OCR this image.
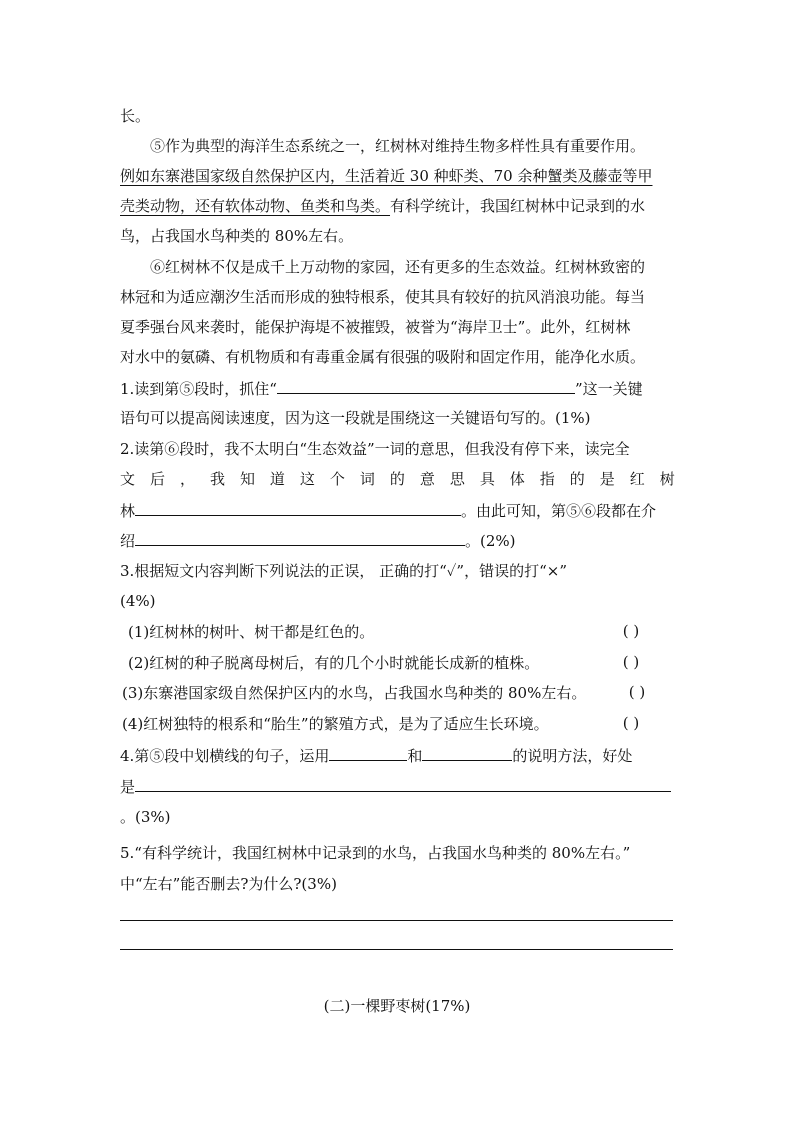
长。
⑤作为典型的海洋生态系统之一，红树林对维持生物多样性具有重要作用。
例如东寨港国家级自然保护区内，生活着近 30 种虾类、70 余种蟹类及藤壶等甲
壳类动物，还有软体动物、鱼类和鸟类。有科学统计，我国红树林中记录到的水
鸟，占我国水鸟种类的 80%左右。
⑥红树林不仅是成千上万动物的家园，还有更多的生态效益。红树林致密的
林冠和为适应潮汐生活而形成的独特根系，使其具有较好的抗风消浪功能。每当
夏季强台风来袭时，能保护海堤不被摧毁，被誉为“海岸卫士”。此外，红树林
对水中的氨磷、有机物质和有毒重金属有很强的吸附和固定作用，能净化水质。
1.读到第⑤段时，抓住“	”这一关键
语句可以提高阅读速度，因为这一段就是围绕这一关键语句写的。(1%)
2.读第⑥段时，我不太明白“生态效益”一词的意思，但我没有停下来，读完全
文 后 ， 我 知 道 这 个 词 的 意 思 具 体 指 的 是 红 树
林	。由此可知，第⑤⑥段都在介
绍	。(2%)
3.根据短文内容判断下列说法的正误， 正确的打“✓”，错误的打“×”
(4%)
(1)红树林的树叶、树干都是红色的。	( )
(2)红树的种子脱离母树后，有的几个小时就能长成新的植株。	( )
(3)东寨港国家级自然保护区内的水鸟，占我国水鸟种类的 80%左右。	( )
(4)红树独特的根系和“胎生”的繁殖方式，是为了适应生长环境。	( )
4.第⑤段中划横线的句子，运用	和	的说明方法，好处
是
。(3%)
5.“有科学统计，我国红树林中记录到的水鸟，占我国水鸟种类的 80%左右。”
中“左右”能否删去?为什么?(3%)
(二)一棵野枣树(17%)
